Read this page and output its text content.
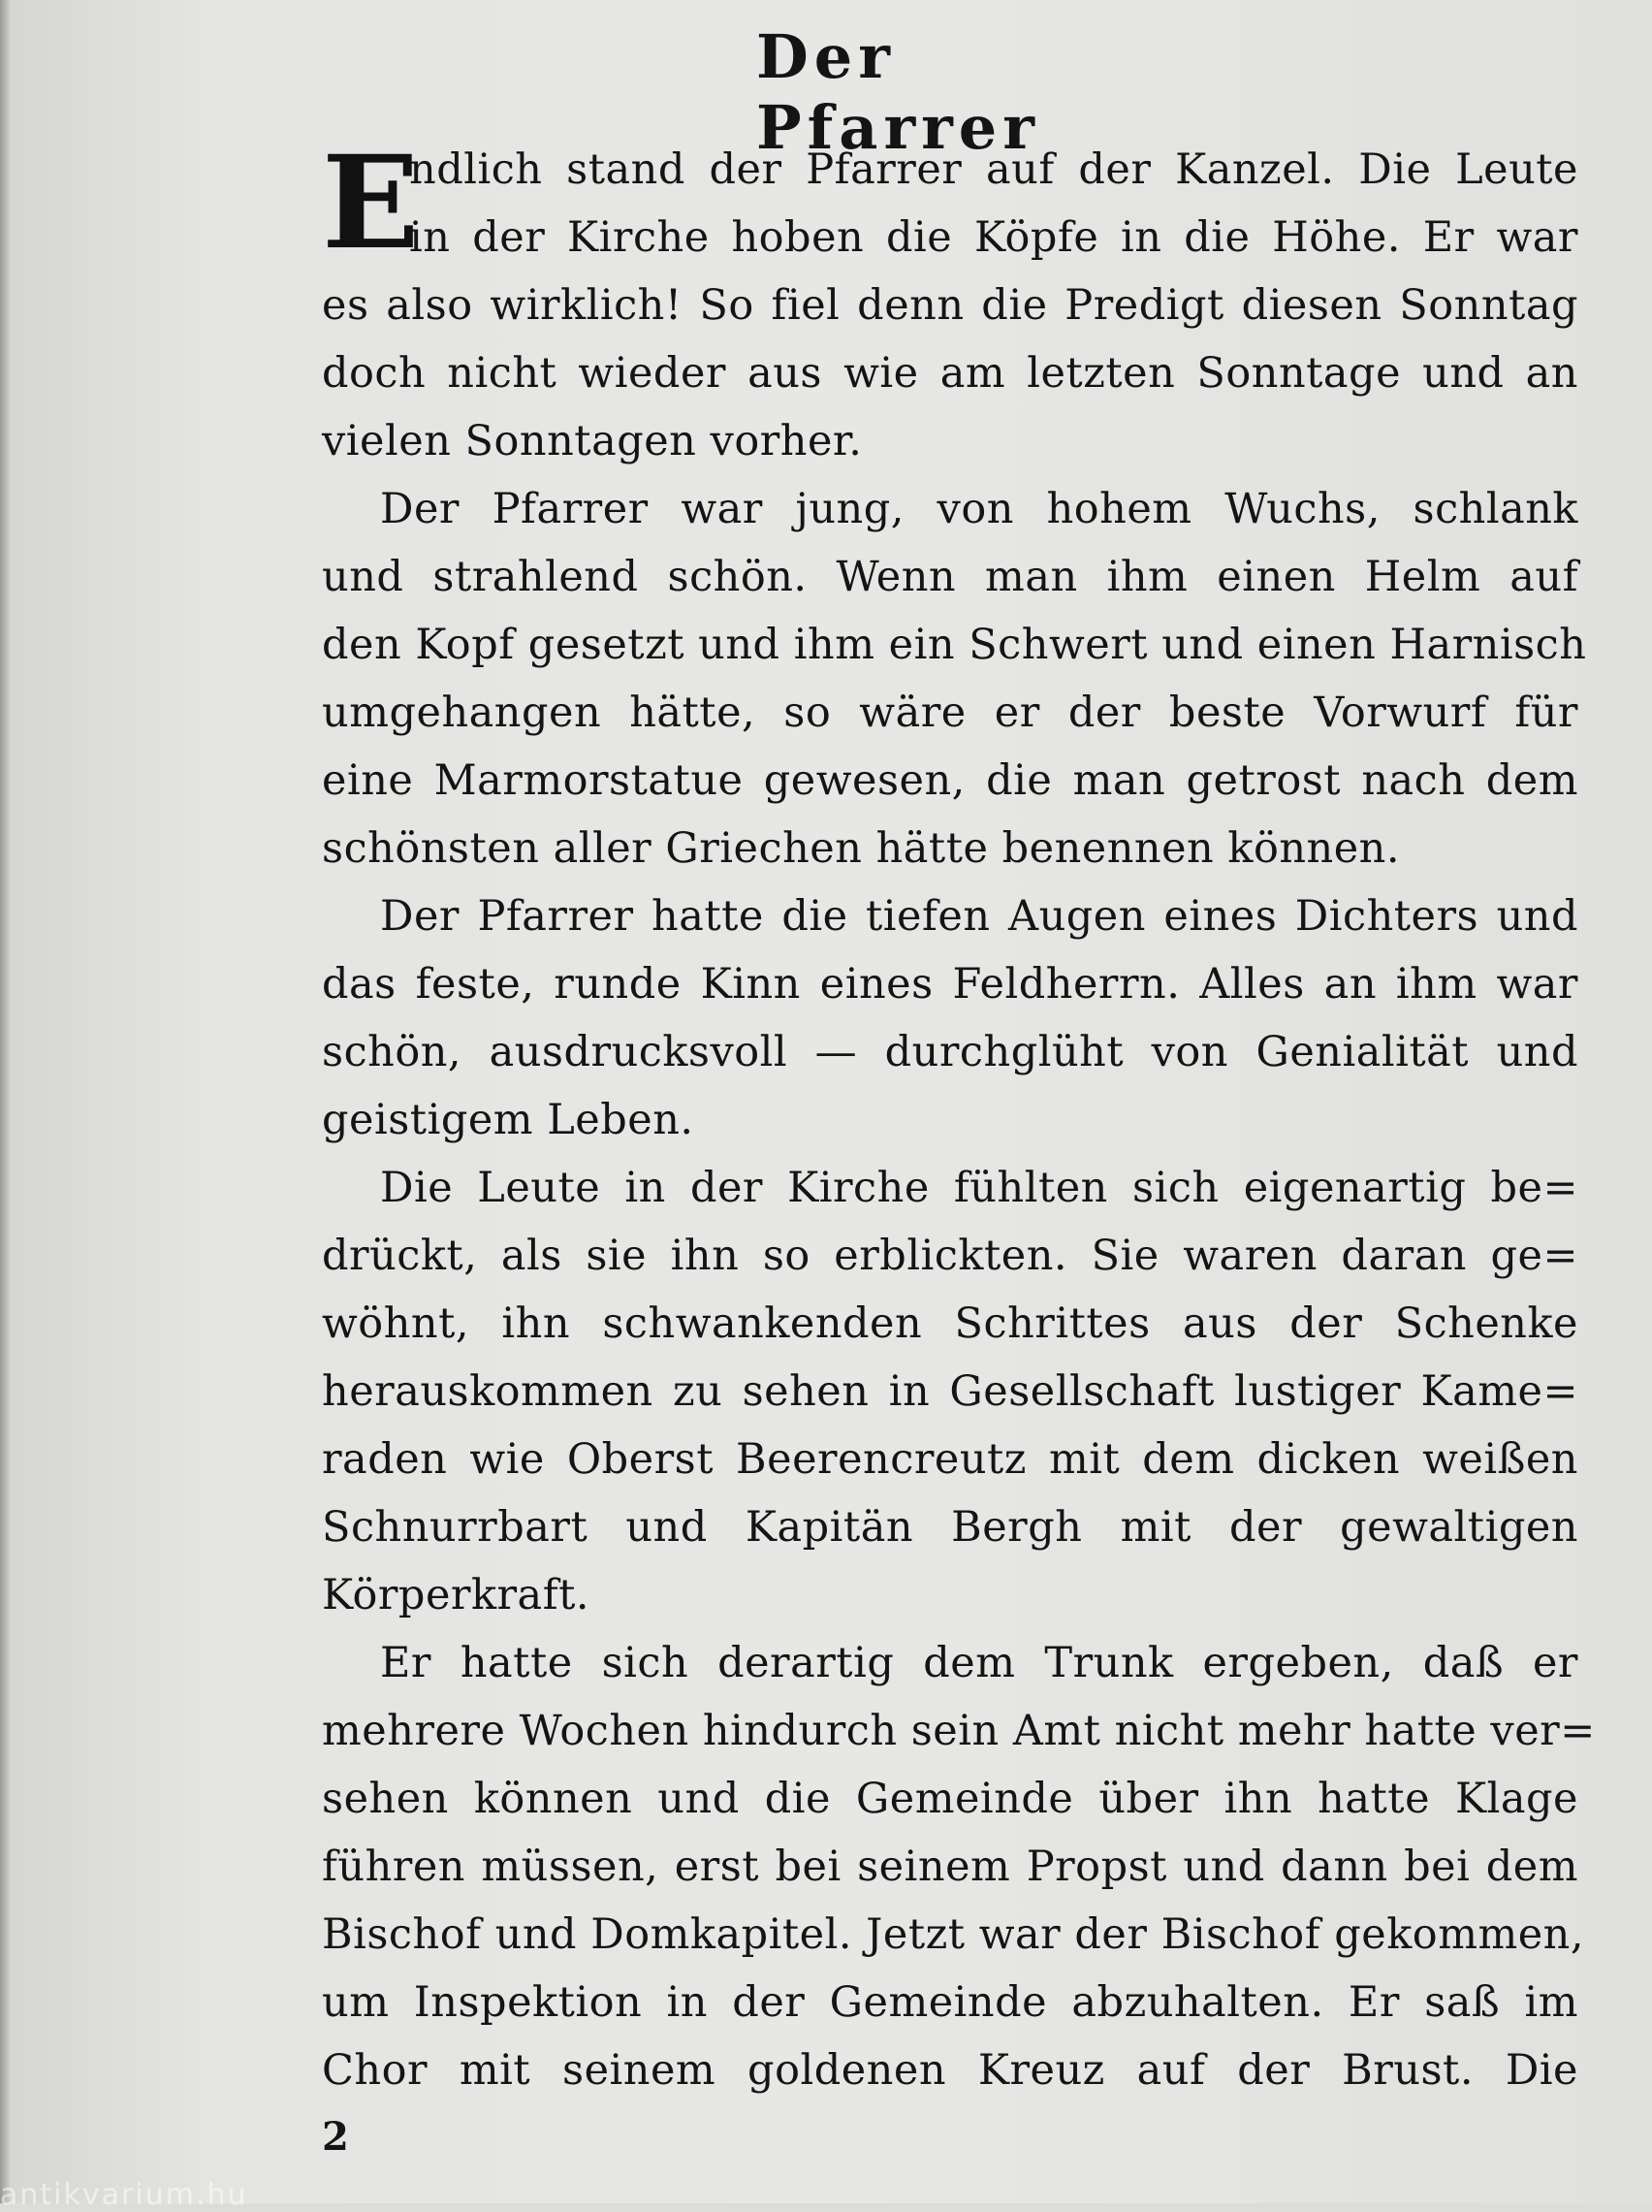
Der Pfarrer
E
ndlich stand der Pfarrer auf der Kanzel. Die Leute
in der Kirche hoben die Köpfe in die Höhe. Er war
es also wirklich! So fiel denn die Predigt diesen Sonntag
doch nicht wieder aus wie am letzten Sonntage und an
vielen Sonntagen vorher.
Der Pfarrer war jung, von hohem Wuchs, schlank
und strahlend schön. Wenn man ihm einen Helm auf
den Kopf gesetzt und ihm ein Schwert und einen Harnisch
umgehangen hätte, so wäre er der beste Vorwurf für
eine Marmorstatue gewesen, die man getrost nach dem
schönsten aller Griechen hätte benennen können.
Der Pfarrer hatte die tiefen Augen eines Dichters und
das feste, runde Kinn eines Feldherrn. Alles an ihm war
schön, ausdrucksvoll — durchglüht von Genialität und
geistigem Leben.
Die Leute in der Kirche fühlten sich eigenartig be=
drückt, als sie ihn so erblickten. Sie waren daran ge=
wöhnt, ihn schwankenden Schrittes aus der Schenke
herauskommen zu sehen in Gesellschaft lustiger Kame=
raden wie Oberst Beerencreutz mit dem dicken weißen
Schnurrbart und Kapitän Bergh mit der gewaltigen
Körperkraft.
Er hatte sich derartig dem Trunk ergeben, daß er
mehrere Wochen hindurch sein Amt nicht mehr hatte ver=
sehen können und die Gemeinde über ihn hatte Klage
führen müssen, erst bei seinem Propst und dann bei dem
Bischof und Domkapitel. Jetzt war der Bischof gekommen,
um Inspektion in der Gemeinde abzuhalten. Er saß im
Chor mit seinem goldenen Kreuz auf der Brust. Die
2
antikvarium.hu
